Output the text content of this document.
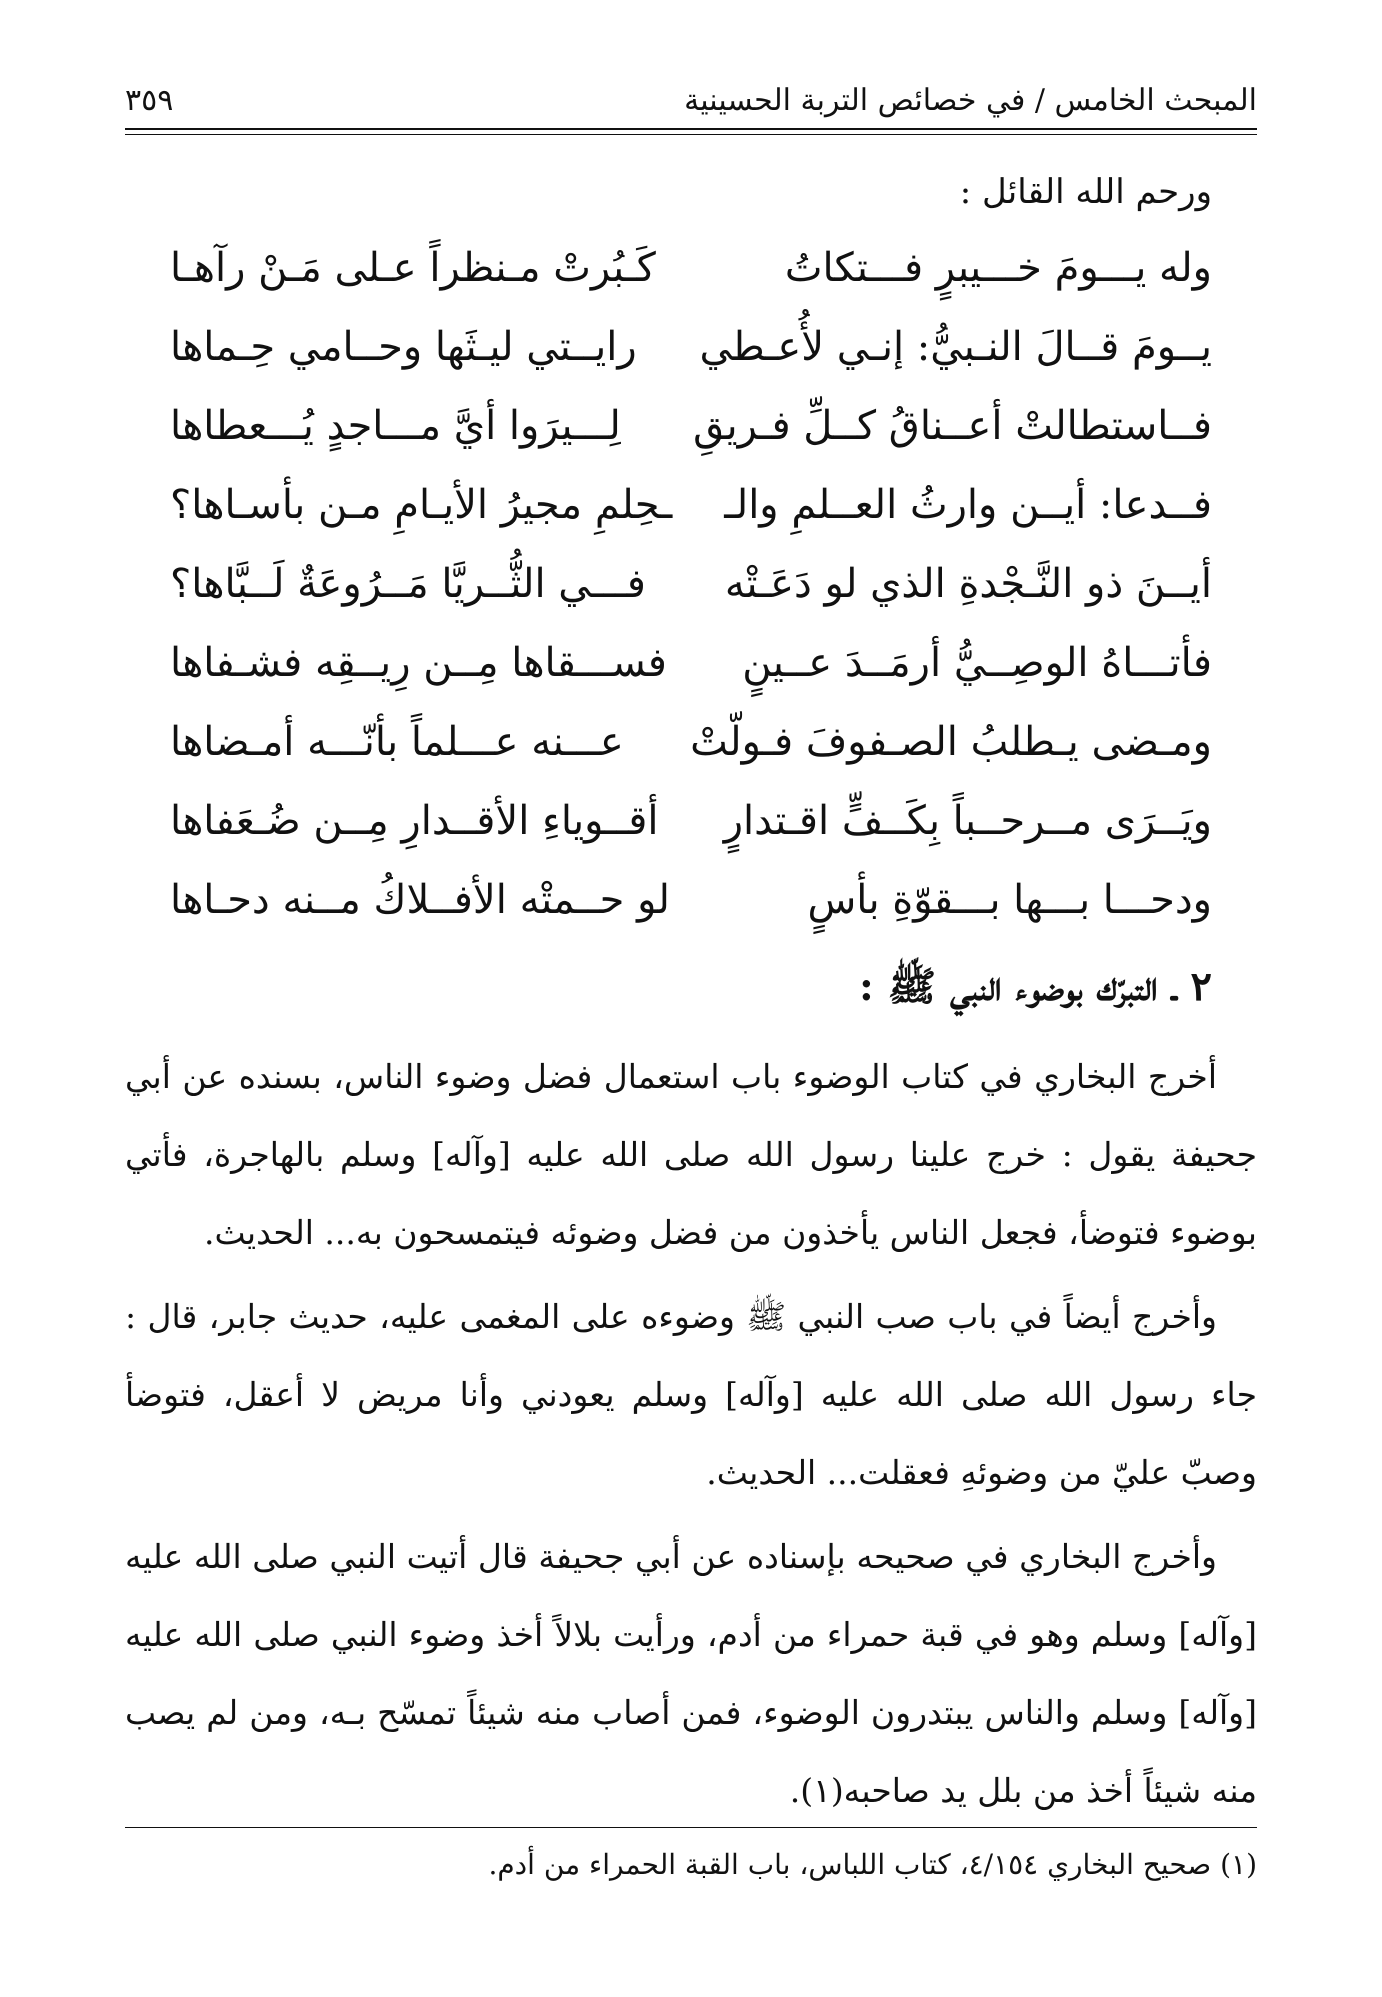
المبحث الخامس / في خصائص التربة الحسينية
٣٥٩
ورحم الله القائل :
وله يـــومَ خـــيبرٍ فـــتكاتُ
كَـبُرتْ مـنظراً عـلى مَـنْ رآهـا
يــومَ قــالَ النـبيُّ: إنـي لأُعـطي
رايــتي ليـثَها وحــامي حِـماها
فــاستطالتْ أعــناقُ كــلِّ فـريقِ
لِـــيرَوا أيَّ مـــاجدٍ يُـــعطاها
فــدعا: أيــن وارثُ العــلمِ والـ
ـحِلمِ مجيرُ الأيـامِ مـن بأسـاها؟
أيــنَ ذو النَّـجْدةِ الذي لو دَعَـتْه
فـــي الثُّــريَّا مَــرُوعَةٌ لَــبَّاها؟
فأتـــاهُ الوصِــيُّ أرمَــدَ عــينٍ
فســـقاها مِــن رِيــقِه فشـفاها
ومـضى يـطلبُ الصـفوفَ فـولّتْ
عـــنه عـــلماً بأنّـــه أمـضاها
ويَــرَى مــرحــباً بِكَــفٍّ اقـتدارٍ
أقــوياءِ الأقــدارِ مِــن ضُـعَفاها
ودحـــا بـــها بـــقوّةِ بأسٍ
لو حــمتْه الأفــلاكُ مــنه دحـاها
٢ ـ التبرّك بوضوء النبي ﷺ :

أخرج البخاري في كتاب الوضوء باب استعمال فضل وضوء الناس، بسنده عن أبي جحيفة يقول : خرج علينا رسول الله صلى الله عليه [وآله] وسلم بالهاجرة، فأتي بوضوء فتوضأ، فجعل الناس يأخذون من فضل وضوئه فيتمسحون به... الحديث.

وأخرج أيضاً في باب صب النبي ﷺ وضوءه على المغمى عليه، حديث جابر، قال : جاء رسول الله صلى الله عليه [وآله] وسلم يعودني وأنا مريض لا أعقل، فتوضأ وصبّ عليّ من وضوئهِ فعقلت... الحديث.

وأخرج البخاري في صحيحه بإسناده عن أبي جحيفة قال أتيت النبي صلى الله عليه [وآله] وسلم وهو في قبة حمراء من أدم، ورأيت بلالاً أخذ وضوء النبي صلى الله عليه [وآله] وسلم والناس يبتدرون الوضوء، فمن أصاب منه شيئاً تمسّح بـه، ومن لم يصب منه شيئاً أخذ من بلل يد صاحبه(١).

(١) صحيح البخاري ٤/١٥٤، كتاب اللباس، باب القبة الحمراء من أدم.
